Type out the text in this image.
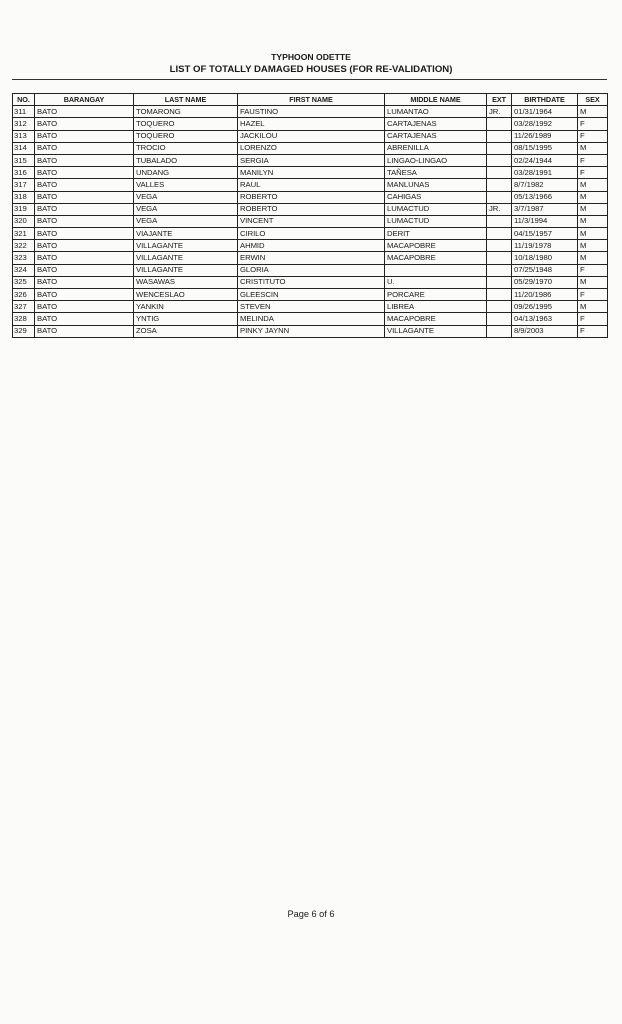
TYPHOON ODETTE
LIST OF TOTALLY DAMAGED HOUSES (FOR RE-VALIDATION)
NO.	BARANGAY	LAST NAME	FIRST NAME	MIDDLE NAME	EXT	BIRTHDATE	SEX
311	BATO	TOMARONG	FAUSTINO	LUMANTAO	JR.	01/31/1964	M
312	BATO	TOQUERO	HAZEL	CARTAJENAS		03/28/1992	F
313	BATO	TOQUERO	JACKILOU	CARTAJENAS		11/26/1989	F
314	BATO	TROCIO	LORENZO	ABRENILLA		08/15/1995	M
315	BATO	TUBALADO	SERGIA	LINGAO-LINGAO		02/24/1944	F
316	BATO	UNDANG	MANILYN	TAÑESA		03/28/1991	F
317	BATO	VALLES	RAUL	MANLUNAS		8/7/1982	M
318	BATO	VEGA	ROBERTO	CAHIGAS		05/13/1966	M
319	BATO	VEGA	ROBERTO	LUMACTUD	JR.	3/7/1987	M
320	BATO	VEGA	VINCENT	LUMACTUD		11/3/1994	M
321	BATO	VIAJANTE	CIRILO	DERIT		04/15/1957	M
322	BATO	VILLAGANTE	AHMID	MACAPOBRE		11/19/1978	M
323	BATO	VILLAGANTE	ERWIN	MACAPOBRE		10/18/1980	M
324	BATO	VILLAGANTE	GLORIA			07/25/1948	F
325	BATO	WASAWAS	CRISTITUTO	U.		05/29/1970	M
326	BATO	WENCESLAO	GLEESCIN	PORCARE		11/20/1986	F
327	BATO	YANKIN	STEVEN	LIBREA		09/26/1995	M
328	BATO	YNTIG	MELINDA	MACAPOBRE		04/13/1963	F
329	BATO	ZOSA	PINKY JAYNN	VILLAGANTE		8/9/2003	F
Page 6 of 6
